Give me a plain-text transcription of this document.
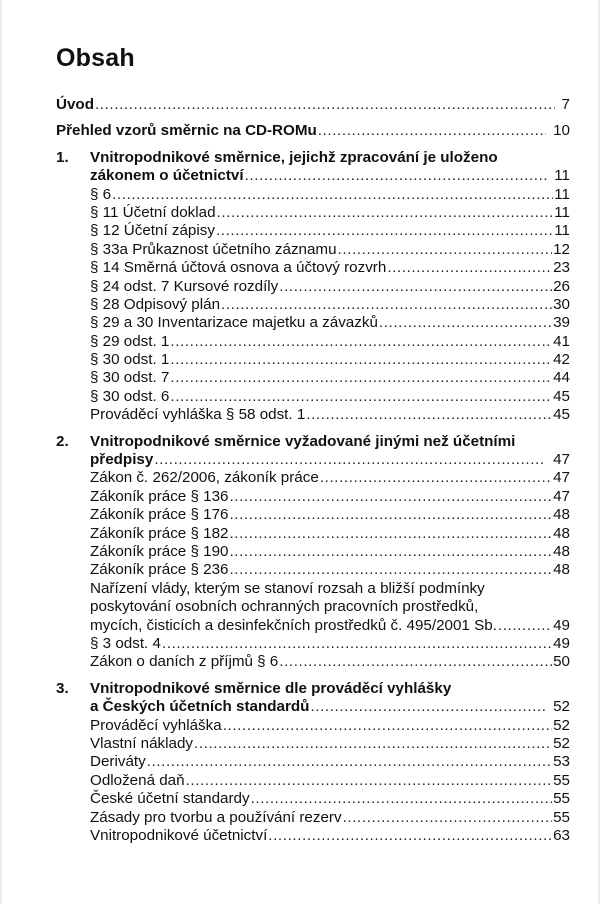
Obsah
Úvod .....	7
Přehled vzorů směrnic na CD-ROMu .....	10
1.	Vnitropodnikové směrnice, jejichž zpracování je uloženo
zákonem o účetnictví .....	11
§ 6 .....	11
§ 11 Účetní doklad .....	11
§ 12 Účetní zápisy .....	11
§ 33a Průkaznost účetního záznamu .....	12
§ 14 Směrná účtová osnova a účtový rozvrh .....	23
§ 24 odst. 7 Kursové rozdíly .....	26
§ 28 Odpisový plán .....	30
§ 29 a 30 Inventarizace majetku a závazků .....	39
§ 29 odst. 1 .....	41
§ 30 odst. 1 .....	42
§ 30 odst. 7 .....	44
§ 30 odst. 6 .....	45
Prováděcí vyhláška § 58 odst. 1 .....	45
2.	Vnitropodnikové směrnice vyžadované jinými než účetními
předpisy .....	47
Zákon č. 262/2006, zákoník práce .....	47
Zákoník práce § 136 .....	47
Zákoník práce § 176 .....	48
Zákoník práce § 182 .....	48
Zákoník práce § 190 .....	48
Zákoník práce § 236 .....	48
Nařízení vlády, kterým se stanoví rozsah a bližší podmínky
poskytování osobních ochranných pracovních prostředků,
mycích, čisticích a desinfekčních prostředků č. 495/2001 Sb. .....	49
§ 3 odst. 4 .....	49
Zákon o daních z příjmů § 6 .....	50
3.	Vnitropodnikové směrnice dle prováděcí vyhlášky
a Českých účetních standardů .....	52
Prováděcí vyhláška .....	52
Vlastní náklady .....	52
Deriváty .....	53
Odložená daň .....	55
České účetní standardy .....	55
Zásady pro tvorbu a používání rezerv .....	55
Vnitropodnikové účetnictví .....	63
